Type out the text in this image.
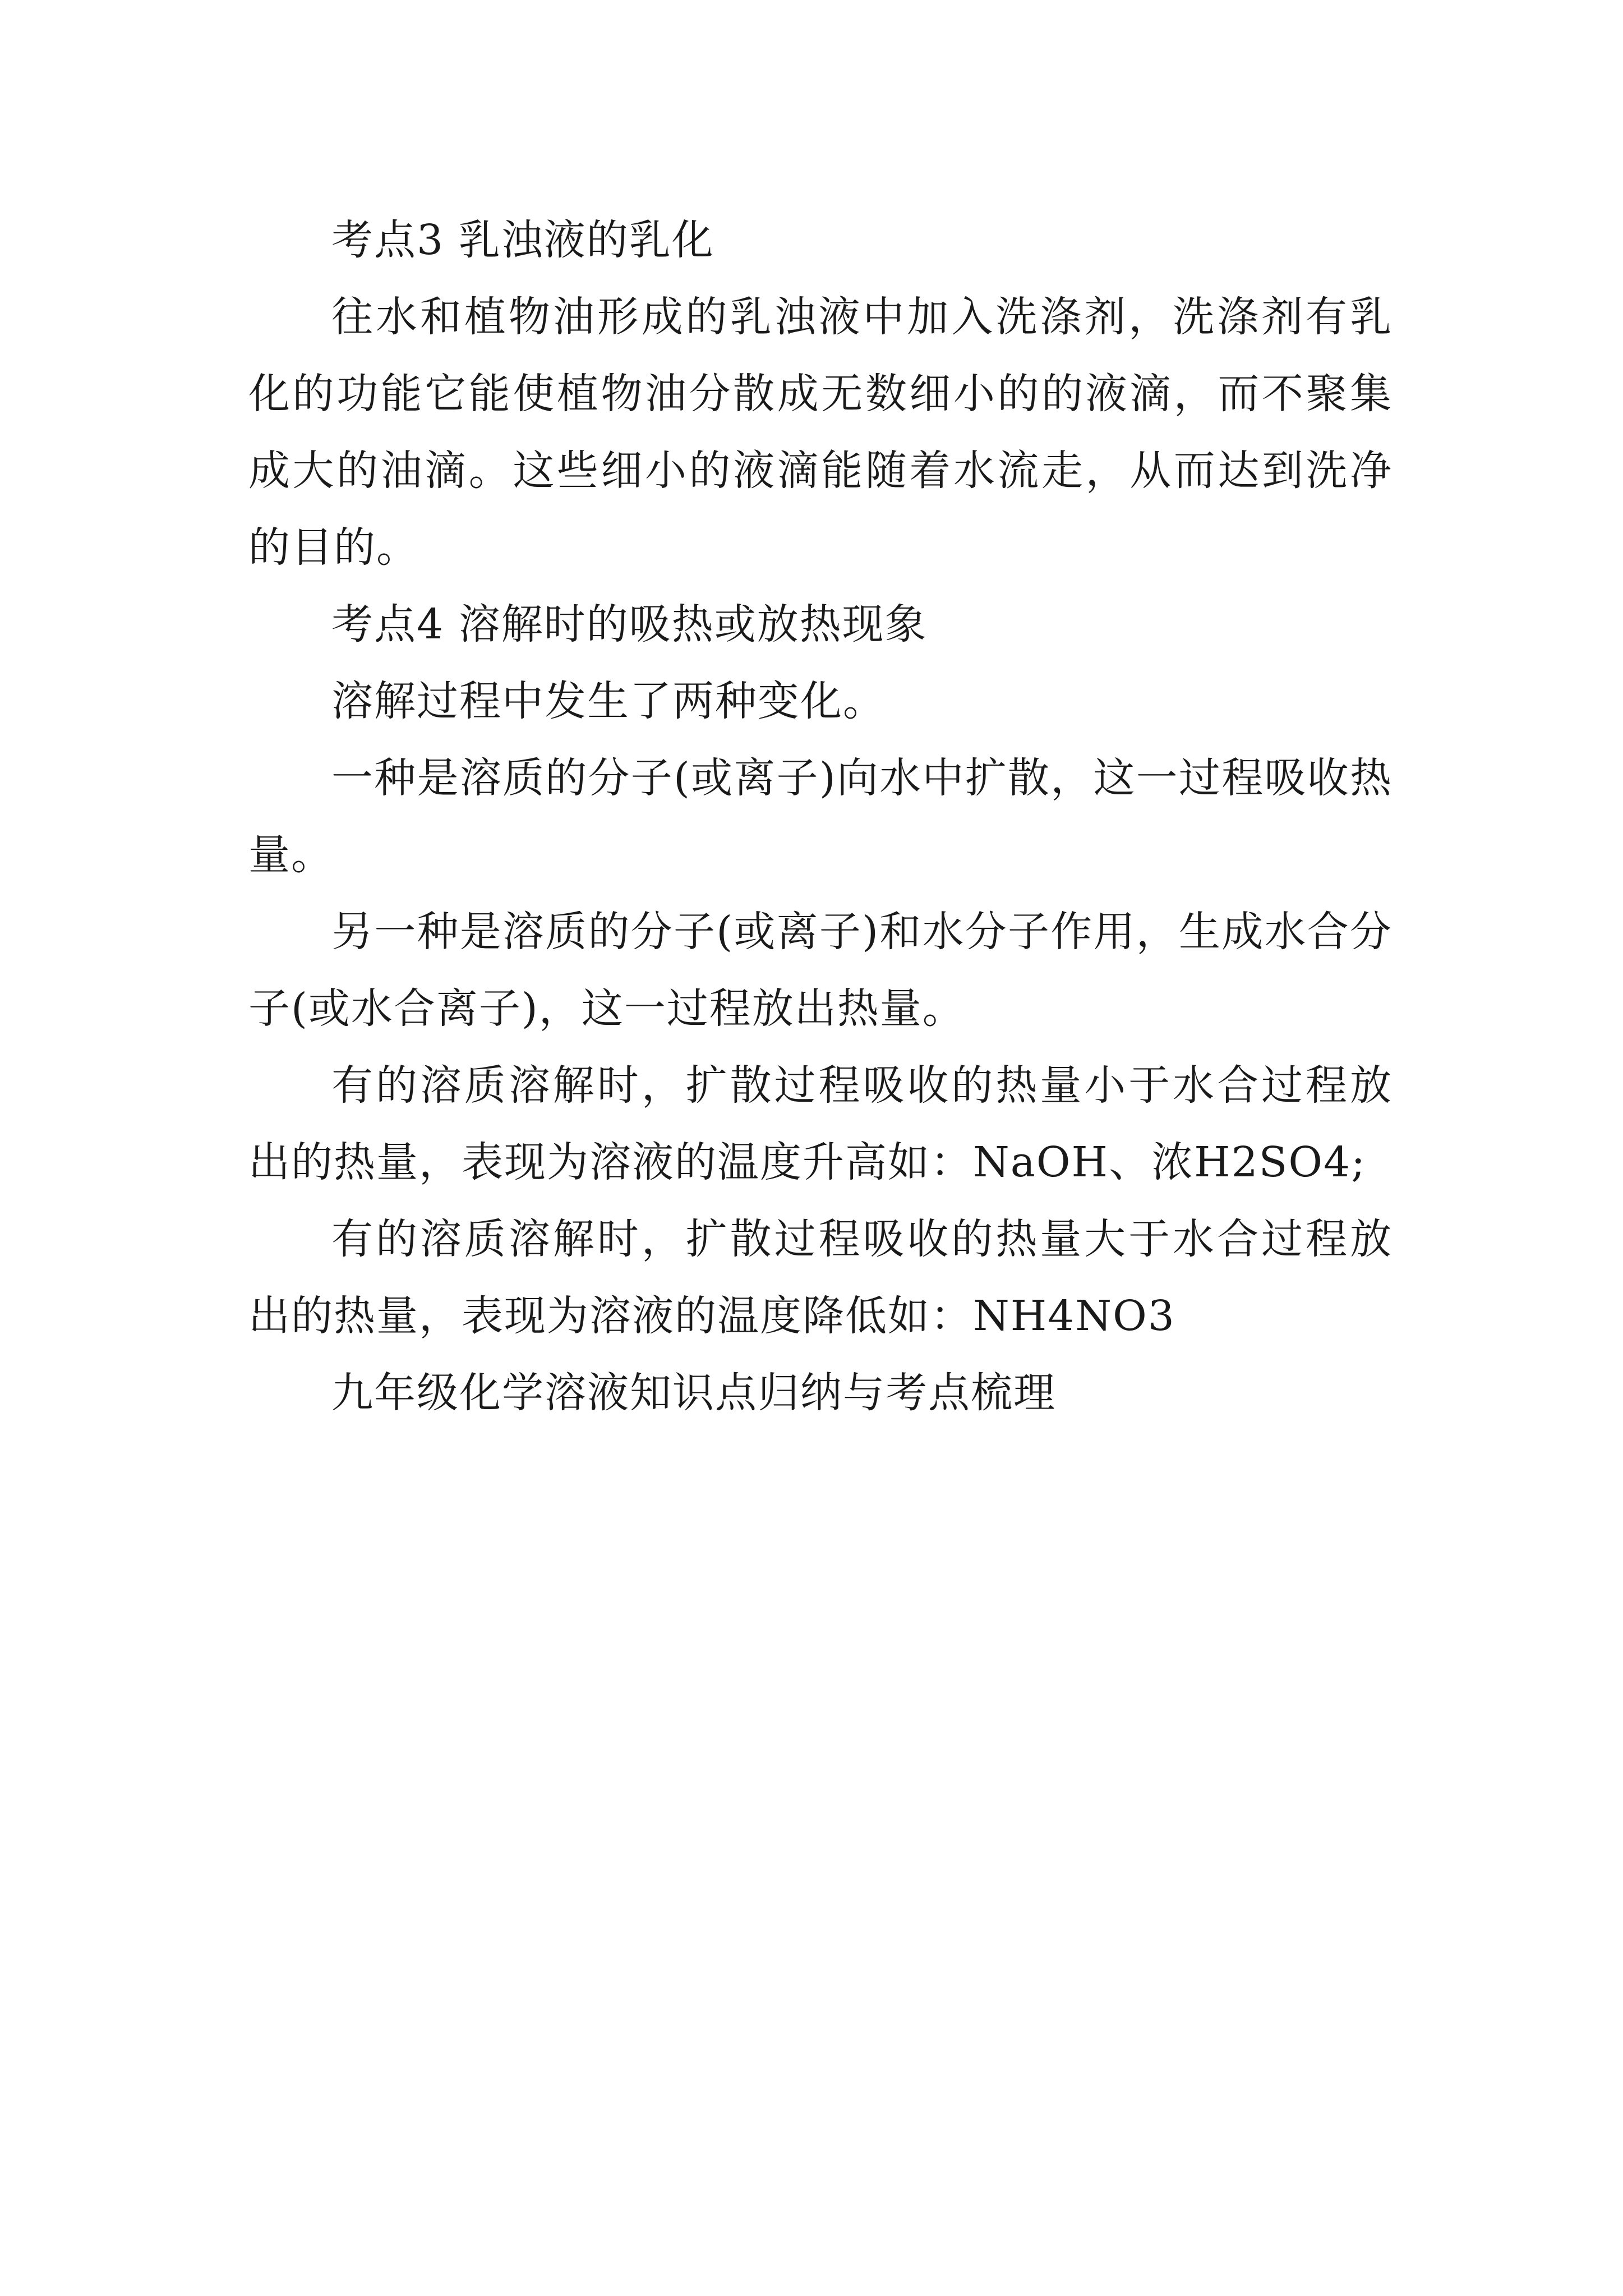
考点3 乳浊液的乳化

往水和植物油形成的乳浊液中加入洗涤剂，洗涤剂有乳化的功能它能使植物油分散成无数细小的的液滴，而不聚集成大的油滴。这些细小的液滴能随着水流走，从而达到洗净的目的。

考点4 溶解时的吸热或放热现象

溶解过程中发生了两种变化。

一种是溶质的分子(或离子)向水中扩散，这一过程吸收热量。

另一种是溶质的分子(或离子)和水分子作用，生成水合分子(或水合离子)，这一过程放出热量。

有的溶质溶解时，扩散过程吸收的热量小于水合过程放出的热量，表现为溶液的温度升高如：NaOH、浓H2SO4;

有的溶质溶解时，扩散过程吸收的热量大于水合过程放出的热量，表现为溶液的温度降低如：NH4NO3

九年级化学溶液知识点归纳与考点梳理
